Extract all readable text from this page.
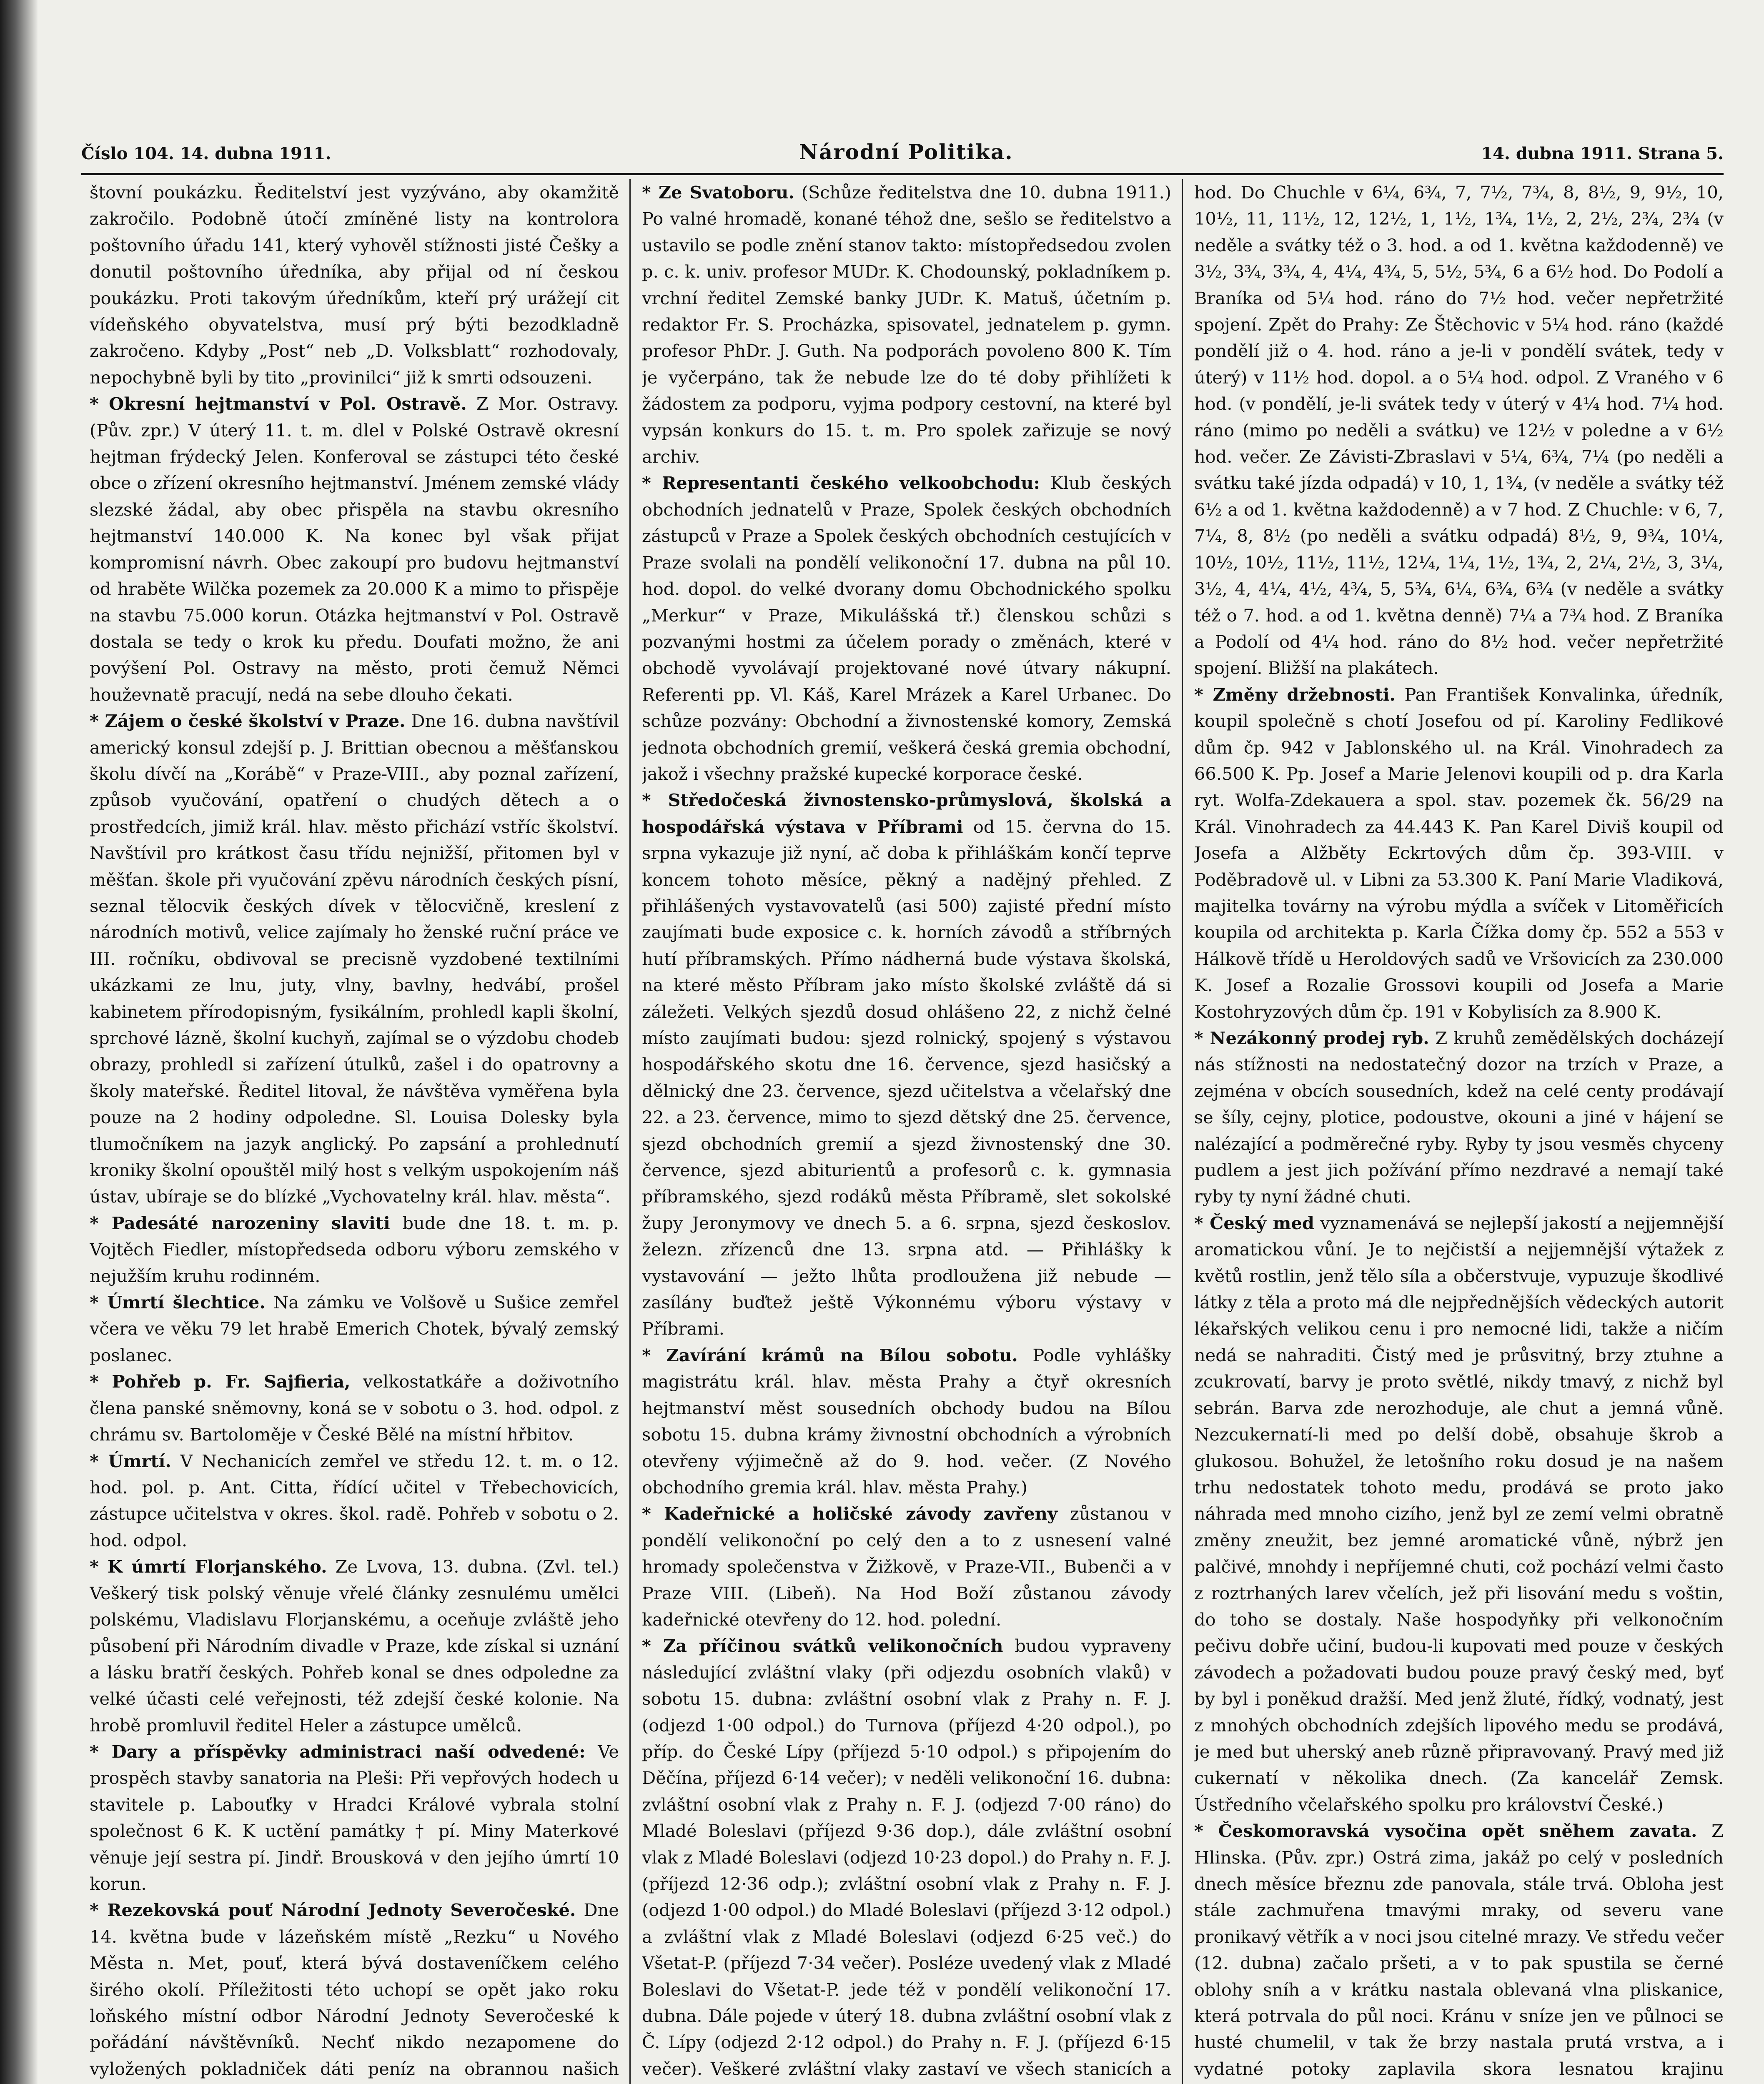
Číslo 104. 14. dubna 1911.	Národní Politika.	14. dubna 1911. Strana 5.

štovní poukázku. Ředitelství jest vyzýváno, aby okamžitě zakročilo. Podobně útočí zmíněné listy na kontrolora poštovního úřadu 141, který vyhověl stížnosti jisté Češky a donutil poštovního úředníka, aby přijal od ní českou poukázku. Proti takovým úředníkům, kteří prý urážejí cit vídeňského obyvatelstva, musí prý býti bezodkladně zakročeno. Kdyby „Post“ neb „D. Volksblatt“ rozhodovaly, nepochybně byli by tito „provinilci“ již k smrti odsouzeni.

* Okresní hejtmanství v Pol. Ostravě. Z Mor. Ostravy. (Pův. zpr.) V úterý 11. t. m. dlel v Polské Ostravě okresní hejtman frýdecký Jelen. Konferoval se zástupci této české obce o zřízení okresního hejtmanství. Jménem zemské vlády slezské žádal, aby obec přispěla na stavbu okresního hejtmanství 140.000 K. Na konec byl však přijat kompromisní návrh. Obec zakoupí pro budovu hejtmanství od hraběte Wilčka pozemek za 20.000 K a mimo to přispěje na stavbu 75.000 korun. Otázka hejtmanství v Pol. Ostravě dostala se tedy o krok ku předu. Doufati možno, že ani povýšení Pol. Ostravy na město, proti čemuž Němci houževnatě pracují, nedá na sebe dlouho čekati.

* Zájem o české školství v Praze. Dne 16. dubna navštívil americký konsul zdejší p. J. Brittian obecnou a měšťanskou školu dívčí na „Korábě“ v Praze-VIII., aby poznal zařízení, způsob vyučování, opatření o chudých dětech a o prostředcích, jimiž král. hlav. město přichází vstříc školství. Navštívil pro krátkost času třídu nejnižší, přitomen byl v měšťan. škole při vyučování zpěvu národních českých písní, seznal tělocvik českých dívek v tělocvičně, kreslení z národních motivů, velice zajímaly ho ženské ruční práce ve III. ročníku, obdivoval se precisně vyzdobené textilními ukázkami ze lnu, juty, vlny, bavlny, hedvábí, prošel kabinetem přírodopisným, fysikálním, prohledl kapli školní, sprchové lázně, školní kuchyň, zajímal se o výzdobu chodeb obrazy, prohledl si zařízení útulků, zašel i do opatrovny a školy mateřské. Ředitel litoval, že návštěva vyměřena byla pouze na 2 hodiny odpoledne. Sl. Louisa Dolesky byla tlumočníkem na jazyk anglický. Po zapsání a prohlednutí kroniky školní opouštěl milý host s velkým uspokojením náš ústav, ubíraje se do blízké „Vychovatelny král. hlav. města“.

* Padesáté narozeniny slaviti bude dne 18. t. m. p. Vojtěch Fiedler, místopředseda odboru výboru zemského v nejužším kruhu rodinném.

* Úmrtí šlechtice. Na zámku ve Volšově u Sušice zemřel včera ve věku 79 let hrabě Emerich Chotek, bývalý zemský poslanec.

* Pohřeb p. Fr. Sajfieria, velkostatkáře a doživotního člena panské sněmovny, koná se v sobotu o 3. hod. odpol. z chrámu sv. Bartoloměje v České Bělé na místní hřbitov.

* Úmrtí. V Nechanicích zemřel ve středu 12. t. m. o 12. hod. pol. p. Ant. Citta, řídící učitel v Třebechovicích, zástupce učitelstva v okres. škol. radě. Pohřeb v sobotu o 2. hod. odpol.

* K úmrtí Florjanského. Ze Lvova, 13. dubna. (Zvl. tel.) Veškerý tisk polský věnuje vřelé články zesnulému umělci polskému, Vladislavu Florjanskému, a oceňuje zvláště jeho působení při Národním divadle v Praze, kde získal si uznání a lásku bratří českých. Pohřeb konal se dnes odpoledne za velké účasti celé veřejnosti, též zdejší české kolonie. Na hrobě promluvil ředitel Heler a zástupce umělců.

* Dary a příspěvky administraci naší odvedené: Ve prospěch stavby sanatoria na Pleši: Při vepřových hodech u stavitele p. Labouťky v Hradci Králové vybrala stolní společnost 6 K. K uctění památky † pí. Miny Materkové věnuje její sestra pí. Jindř. Brousková v den jejího úmrtí 10 korun.

* Rezekovská pouť Národní Jednoty Severočeské. Dne 14. května bude v lázeňském místě „Rezku“ u Nového Města n. Met, pouť, která bývá dostaveníčkem celého širého okolí. Příležitosti této uchopí se opět jako roku loňského místní odbor Národní Jednoty Severočeské k pořádání návštěvníků. Nechť nikdo nezapomene do vyložených pokladniček dáti peníz na obrannou našich

* Ze Svatoboru. (Schůze ředitelstva dne 10. dubna 1911.) Po valné hromadě, konané téhož dne, sešlo se ředitelstvo a ustavilo se podle znění stanov takto: místopředsedou zvolen p. c. k. univ. profesor MUDr. K. Chodounský, pokladníkem p. vrchní ředitel Zemské banky JUDr. K. Matuš, účetním p. redaktor Fr. S. Procházka, spisovatel, jednatelem p. gymn. profesor PhDr. J. Guth. Na podporách povoleno 800 K. Tím je vyčerpáno, tak že nebude lze do té doby přihlížeti k žádostem za podporu, vyjma podpory cestovní, na které byl vypsán konkurs do 15. t. m. Pro spolek zařizuje se nový archiv.

* Representanti českého velkoobchodu: Klub českých obchodních jednatelů v Praze, Spolek českých obchodních zástupců v Praze a Spolek českých obchodních cestujících v Praze svolali na pondělí velikonoční 17. dubna na půl 10. hod. dopol. do velké dvorany domu Obchodnického spolku „Merkur“ v Praze, Mikulášská tř.) členskou schůzi s pozvanými hostmi za účelem porady o změnách, které v obchodě vyvolávají projektované nové útvary nákupní. Referenti pp. Vl. Káš, Karel Mrázek a Karel Urbanec. Do schůze pozvány: Obchodní a živnostenské komory, Zemská jednota obchodních gremií, veškerá česká gremia obchodní, jakož i všechny pražské kupecké korporace české.

* Středočeská živnostensko-průmyslová, školská a hospodářská výstava v Příbrami od 15. června do 15. srpna vykazuje již nyní, ač doba k přihláškám končí teprve koncem tohoto měsíce, pěkný a nadějný přehled. Z přihlášených vystavovatelů (asi 500) zajisté přední místo zaujímati bude exposice c. k. horních závodů a stříbrných hutí příbramských. Přímo nádherná bude výstava školská, na které město Příbram jako místo školské zvláště dá si záležeti. Velkých sjezdů dosud ohlášeno 22, z nichž čelné místo zaujímati budou: sjezd rolnický, spojený s výstavou hospodářského skotu dne 16. července, sjezd hasičský a dělnický dne 23. července, sjezd učitelstva a včelařský dne 22. a 23. července, mimo to sjezd dětský dne 25. července, sjezd obchodních gremií a sjezd živnostenský dne 30. července, sjezd abiturientů a profesorů c. k. gymnasia příbramského, sjezd rodáků města Příbramě, slet sokolské župy Jeronymovy ve dnech 5. a 6. srpna, sjezd českoslov. železn. zřízenců dne 13. srpna atd. — Přihlášky k vystavování — ježto lhůta prodloužena již nebude — zasílány buďtež ještě Výkonnému výboru výstavy v Příbrami.

* Zavírání krámů na Bílou sobotu. Podle vyhlášky magistrátu král. hlav. města Prahy a čtyř okresních hejtmanství měst sousedních obchody budou na Bílou sobotu 15. dubna krámy živnostní obchodních a výrobních otevřeny výjimečně až do 9. hod. večer. (Z Nového obchodního gremia král. hlav. města Prahy.)

* Kadeřnické a holičské závody zavřeny zůstanou v pondělí velikonoční po celý den a to z usnesení valné hromady společenstva v Žižkově, v Praze-VII., Bubenči a v Praze VIII. (Libeň). Na Hod Boží zůstanou závody kadeřnické otevřeny do 12. hod. polední.

* Za příčinou svátků velikonočních budou vypraveny následující zvláštní vlaky (při odjezdu osobních vlaků) v sobotu 15. dubna: zvláštní osobní vlak z Prahy n. F. J. (odjezd 1·00 odpol.) do Turnova (příjezd 4·20 odpol.), po příp. do České Lípy (příjezd 5·10 odpol.) s připojením do Děčína, příjezd 6·14 večer); v neděli velikonoční 16. dubna: zvláštní osobní vlak z Prahy n. F. J. (odjezd 7·00 ráno) do Mladé Boleslavi (příjezd 9·36 dop.), dále zvláštní osobní vlak z Mladé Boleslavi (odjezd 10·23 dopol.) do Prahy n. F. J. (příjezd 12·36 odp.); zvláštní osobní vlak z Prahy n. F. J. (odjezd 1·00 odpol.) do Mladé Boleslavi (příjezd 3·12 odpol.) a zvláštní vlak z Mladé Boleslavi (odjezd 6·25 več.) do Všetat-P. (příjezd 7·34 večer). Posléze uvedený vlak z Mladé Boleslavi do Všetat-P. jede též v pondělí velikonoční 17. dubna. Dále pojede v úterý 18. dubna zvláštní osobní vlak z Č. Lípy (odjezd 2·12 odpol.) do Prahy n. F. J. (příjezd 6·15 večer). Veškeré zvláštní vlaky zastaví ve všech stanicích a

hod. Do Chuchle v 6¼, 6¾, 7, 7½, 7¾, 8, 8½, 9, 9½, 10, 10½, 11, 11½, 12, 12½, 1, 1½, 1¾, 1½, 2, 2½, 2¾, 2¾ (v neděle a svátky též o 3. hod. a od 1. května každodenně) ve 3½, 3¾, 3¾, 4, 4¼, 4¾, 5, 5½, 5¾, 6 a 6½ hod. Do Podolí a Braníka od 5¼ hod. ráno do 7½ hod. večer nepřetržité spojení. Zpět do Prahy: Ze Štěchovic v 5¼ hod. ráno (každé pondělí již o 4. hod. ráno a je-li v pondělí svátek, tedy v úterý) v 11½ hod. dopol. a o 5¼ hod. odpol. Z Vraného v 6 hod. (v pondělí, je-li svátek tedy v úterý v 4¼ hod. 7¼ hod. ráno (mimo po neděli a svátku) ve 12½ v poledne a v 6½ hod. večer. Ze Závisti-Zbraslavi v 5¼, 6¾, 7¼ (po neděli a svátku také jízda odpadá) v 10, 1, 1¾, (v neděle a svátky též 6½ a od 1. května každodenně) a v 7 hod. Z Chuchle: v 6, 7, 7¼, 8, 8½ (po neděli a svátku odpadá) 8½, 9, 9¾, 10¼, 10½, 10½, 11½, 11½, 12¼, 1¼, 1½, 1¾, 2, 2¼, 2½, 3, 3¼, 3½, 4, 4¼, 4½, 4¾, 5, 5¾, 6¼, 6¾, 6¾ (v neděle a svátky též o 7. hod. a od 1. května denně) 7¼ a 7¾ hod. Z Braníka a Podolí od 4¼ hod. ráno do 8½ hod. večer nepřetržité spojení. Bližší na plakátech.

* Změny držebnosti. Pan František Konvalinka, úředník, koupil společně s chotí Josefou od pí. Karoliny Fedlikové dům čp. 942 v Jablonského ul. na Král. Vinohradech za 66.500 K. Pp. Josef a Marie Jelenovi koupili od p. dra Karla ryt. Wolfa-Zdekauera a spol. stav. pozemek čk. 56/29 na Král. Vinohradech za 44.443 K. Pan Karel Diviš koupil od Josefa a Alžběty Eckrtových dům čp. 393-VIII. v Poděbradově ul. v Libni za 53.300 K. Paní Marie Vladiková, majitelka továrny na výrobu mýdla a svíček v Litoměřicích koupila od architekta p. Karla Čížka domy čp. 552 a 553 v Hálkově třídě u Heroldových sadů ve Vršovicích za 230.000 K. Josef a Rozalie Grossovi koupili od Josefa a Marie Kostohryzových dům čp. 191 v Kobylisích za 8.900 K.

* Nezákonný prodej ryb. Z kruhů zemědělských docházejí nás stížnosti na nedostatečný dozor na trzích v Praze, a zejména v obcích sousedních, kdež na celé centy prodávají se šíly, cejny, plotice, podoustve, okouni a jiné v hájení se nalézající a podměrečné ryby. Ryby ty jsou vesměs chyceny pudlem a jest jich požívání přímo nezdravé a nemají také ryby ty nyní žádné chuti.

* Český med vyznamenává se nejlepší jakostí a nejjemnější aromatickou vůní. Je to nejčistší a nejjemnější výtažek z květů rostlin, jenž tělo síla a občerstvuje, vypuzuje škodlivé látky z těla a proto má dle nejpřednějších vědeckých autorit lékařských velikou cenu i pro nemocné lidi, takže a ničím nedá se nahraditi. Čistý med je průsvitný, brzy ztuhne a zcukrovatí, barvy je proto světlé, nikdy tmavý, z nichž byl sebrán. Barva zde nerozhoduje, ale chut a jemná vůně. Nezcukernatí-li med po delší době, obsahuje škrob a glukosou. Bohužel, že letošního roku dosud je na našem trhu nedostatek tohoto medu, prodává se proto jako náhrada med mnoho cizího, jenž byl ze zemí velmi obratně změny zneužit, bez jemné aromatické vůně, nýbrž jen palčivé, mnohdy i nepříjemné chuti, což pochází velmi často z roztrhaných larev včelích, jež při lisování medu s voštin, do toho se dostaly. Naše hospodyňky při velkonočním pečivu dobře učiní, budou-li kupovati med pouze v českých závodech a požadovati budou pouze pravý český med, byť by byl i poněkud dražší. Med jenž žluté, řídký, vodnatý, jest z mnohých obchodních zdejších lipového medu se prodává, je med but uherský aneb různě připravovaný. Pravý med již cukernatí v několika dnech. (Za kancelář Zemsk. Ústředního včelařského spolku pro království České.)

* Českomoravská vysočina opět sněhem zavata. Z Hlinska. (Pův. zpr.) Ostrá zima, jakáž po celý v posledních dnech měsíce březnu zde panovala, stále trvá. Obloha jest stále zachmuřena tmavými mraky, od severu vane pronikavý větřík a v noci jsou citelné mrazy. Ve středu večer (12. dubna) začalo pršeti, a v to pak spustila se černé oblohy sníh a v krátku nastala oblevaná vlna pliskanice, která potrvala do půl noci. Kránu v sníze jen ve půlnoci se husté chumelil, v tak že brzy nastala prutá vrstva, a i vydatné potoky zaplavila skora lesnatou krajinu
